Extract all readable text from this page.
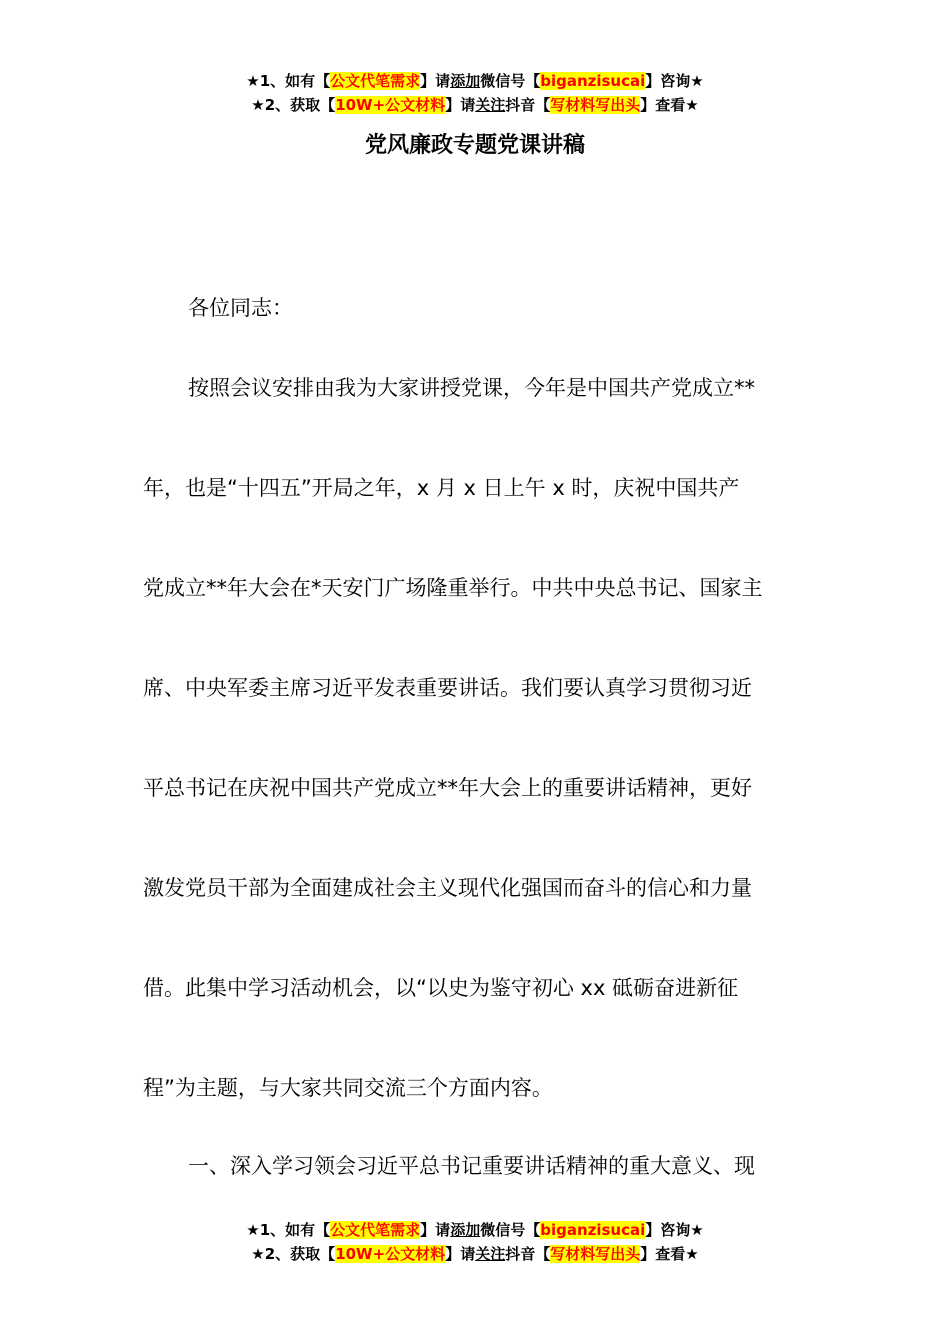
★1、如有【公文代笔需求】请添加微信号【biganzisucai】咨询★
★2、获取【10W+公文材料】请关注抖音【写材料写出头】查看★
党风廉政专题党课讲稿
各位同志：
按照会议安排由我为大家讲授党课，今年是中国共产党成立**
年，也是“十四五”开局之年，x 月 x 日上午 x 时，庆祝中国共产
党成立**年大会在*天安门广场隆重举行。中共中央总书记、国家主
席、中央军委主席习近平发表重要讲话。我们要认真学习贯彻习近
平总书记在庆祝中国共产党成立**年大会上的重要讲话精神，更好
激发党员干部为全面建成社会主义现代化强国而奋斗的信心和力量
借。此集中学习活动机会，以“以史为鉴守初心 xx 砥砺奋进新征
程”为主题，与大家共同交流三个方面内容。
一、深入学习领会习近平总书记重要讲话精神的重大意义、现
★1、如有【公文代笔需求】请添加微信号【biganzisucai】咨询★
★2、获取【10W+公文材料】请关注抖音【写材料写出头】查看★
